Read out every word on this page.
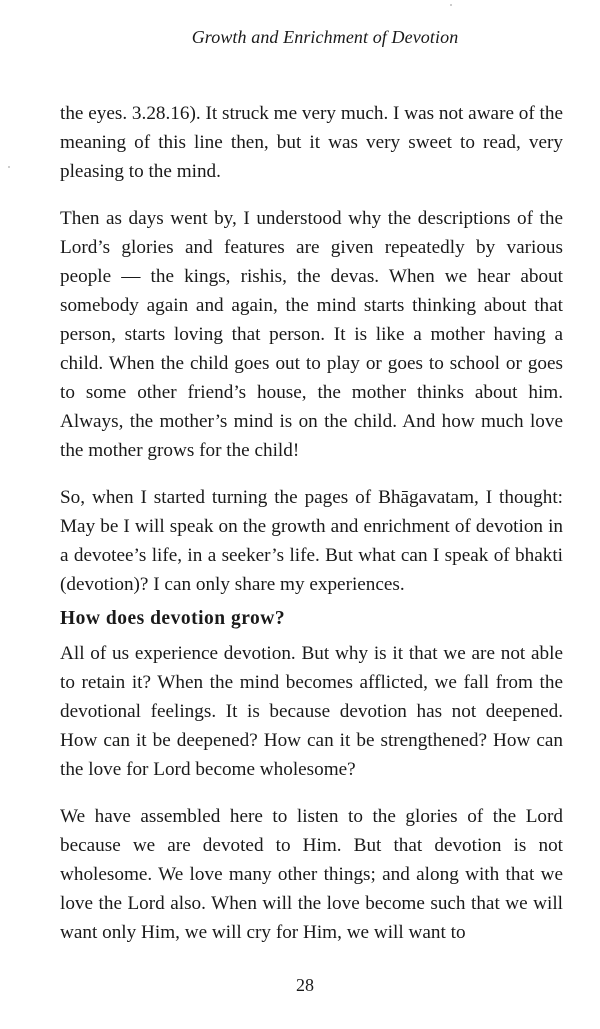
Growth and Enrichment of Devotion

the eyes. 3.28.16). It struck me very much. I was not aware of the meaning of this line then, but it was very sweet to read, very pleasing to the mind.

Then as days went by, I understood why the descriptions of the Lord’s glories and features are given repeatedly by various people — the kings, rishis, the devas. When we hear about somebody again and again, the mind starts thinking about that person, starts loving that person. It is like a mother having a child. When the child goes out to play or goes to school or goes to some other friend’s house, the mother thinks about him. Always, the mother’s mind is on the child. And how much love the mother grows for the child!

So, when I started turning the pages of Bhāgavatam, I thought: May be I will speak on the growth and enrichment of devotion in a devotee’s life, in a seeker’s life. But what can I speak of bhakti (devotion)? I can only share my experiences.

How does devotion grow?

All of us experience devotion. But why is it that we are not able to retain it? When the mind becomes afflicted, we fall from the devotional feelings. It is because devotion has not deepened. How can it be deepened? How can it be strengthened? How can the love for Lord become wholesome?

We have assembled here to listen to the glories of the Lord because we are devoted to Him. But that devotion is not wholesome. We love many other things; and along with that we love the Lord also. When will the love become such that we will want only Him, we will cry for Him, we will want to

28
